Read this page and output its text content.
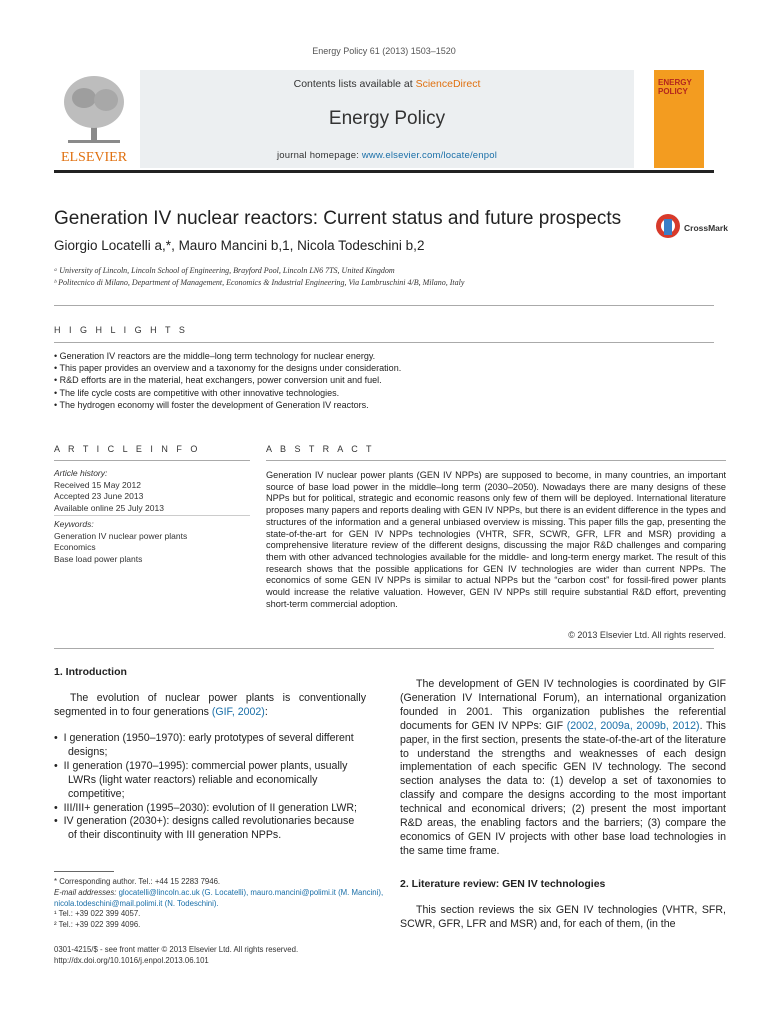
Energy Policy 61 (2013) 1503–1520
ELSEVIER
Contents lists available at ScienceDirect
Energy Policy
journal homepage: www.elsevier.com/locate/enpol
ENERGY POLICY
Generation IV nuclear reactors: Current status and future prospects
Giorgio Locatelli a,*, Mauro Mancini b,1, Nicola Todeschini b,2
ᵃ University of Lincoln, Lincoln School of Engineering, Brayford Pool, Lincoln LN6 7TS, United Kingdom
ᵇ Politecnico di Milano, Department of Management, Economics & Industrial Engineering, Via Lambruschini 4/B, Milano, Italy
CrossMark
H I G H L I G H T S
• Generation IV reactors are the middle–long term technology for nuclear energy.
• This paper provides an overview and a taxonomy for the designs under consideration.
• R&D efforts are in the material, heat exchangers, power conversion unit and fuel.
• The life cycle costs are competitive with other innovative technologies.
• The hydrogen economy will foster the development of Generation IV reactors.
A R T I C L E I N F O	A B S T R A C T
Article history:
Received 15 May 2012
Accepted 23 June 2013
Available online 25 July 2013
Keywords:
Generation IV nuclear power plants
Economics
Base load power plants
Generation IV nuclear power plants (GEN IV NPPs) are supposed to become, in many countries, an important source of base load power in the middle–long term (2030–2050). Nowadays there are many designs of these NPPs but for political, strategic and economic reasons only few of them will be deployed. International literature proposes many papers and reports dealing with GEN IV NPPs, but there is an evident difference in the types and structures of the information and a general unbiased overview is missing. This paper fills the gap, presenting the state-of-the-art for GEN IV NPPs technologies (VHTR, SFR, SCWR, GFR, LFR and MSR) providing a comprehensive literature review of the different designs, discussing the major R&D challenges and comparing them with other advanced technologies available for the middle- and long-term energy market. The result of this research shows that the possible applications for GEN IV technologies are wider than current NPPs. The economics of some GEN IV NPPs is similar to actual NPPs but the “carbon cost” for fossil-fired power plants would increase the relative valuation. However, GEN IV NPPs still require substantial R&D effort, preventing short-term commercial adoption.
© 2013 Elsevier Ltd. All rights reserved.
1. Introduction
The evolution of nuclear power plants is conventionally segmented in to four generations (GIF, 2002):
•  I generation (1950–1970): early prototypes of several different designs;
•  II generation (1970–1995): commercial power plants, usually LWRs (light water reactors) reliable and economically competitive;
•  III/III+ generation (1995–2030): evolution of II generation LWR;
•  IV generation (2030+): designs called revolutionaries because of their discontinuity with III generation NPPs.
* Corresponding author. Tel.: +44 15 2283 7946.
E-mail addresses: glocatelli@lincoln.ac.uk (G. Locatelli), mauro.mancini@polimi.it (M. Mancini), nicola.todeschini@mail.polimi.it (N. Todeschini).
¹ Tel.: +39 022 399 4057.
² Tel.: +39 022 399 4096.
0301-4215/$ - see front matter © 2013 Elsevier Ltd. All rights reserved.
http://dx.doi.org/10.1016/j.enpol.2013.06.101
The development of GEN IV technologies is coordinated by GIF (Generation IV International Forum), an international organization founded in 2001. This organization publishes the referential documents for GEN IV NPPs: GIF (2002, 2009a, 2009b, 2012). This paper, in the first section, presents the state-of-the-art of the literature to understand the strengths and weaknesses of each design implementation of each specific GEN IV technology. The second section analyses the data to: (1) develop a set of taxonomies to classify and compare the designs according to the most important technical and economical drivers; (2) present the most important R&D areas, the enabling factors and the barriers; (3) compare the economics of GEN IV projects with other base load technologies in the same time frame.
2. Literature review: GEN IV technologies
This section reviews the six GEN IV technologies (VHTR, SFR, SCWR, GFR, LFR and MSR) and, for each of them, (in the
